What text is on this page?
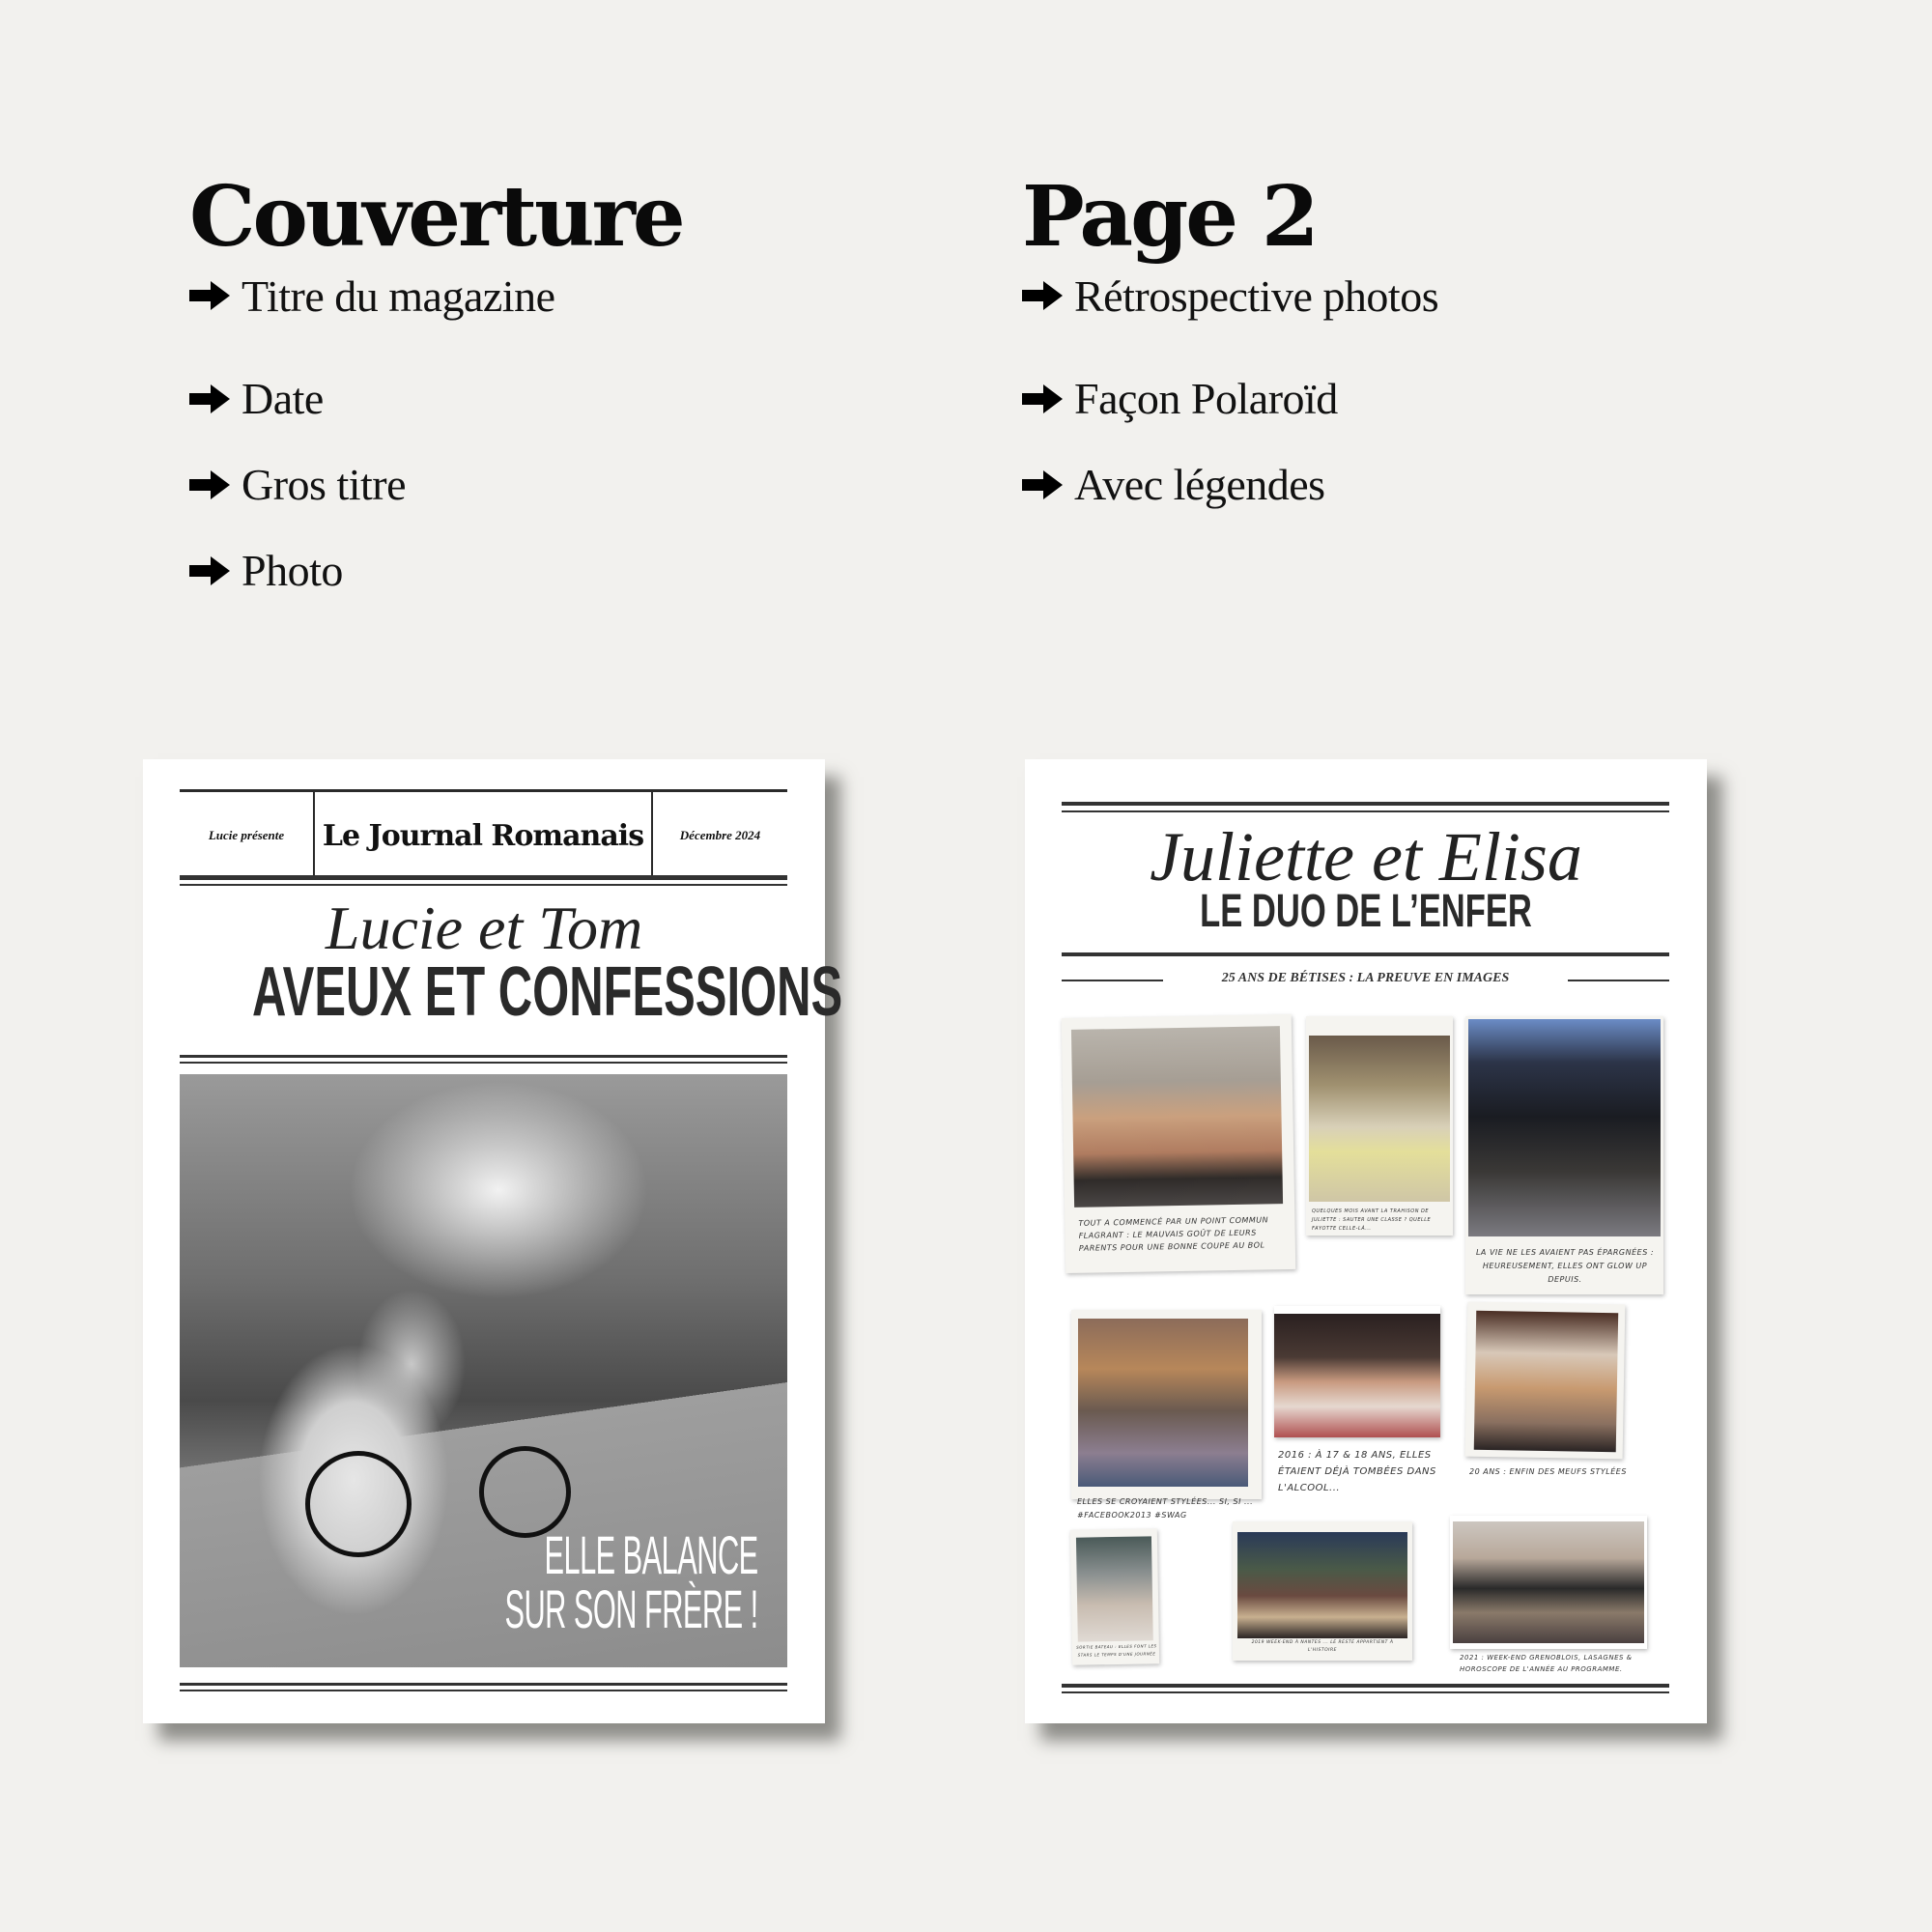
Couverture
Titre du magazine
Date
Gros titre
Photo
Page 2
Rétrospective photos
Façon Polaroïd
Avec légendes
Lucie présente	Le Journal Romanais	Décembre 2024
Lucie et Tom
AVEUX ET CONFESSIONS
ELLE BALANCE
SUR SON FRÈRE !
Juliette et Elisa
LE DUO DE L’ENFER
25 ANS DE BÉTISES : LA PREUVE EN IMAGES
TOUT A COMMENCÉ PAR UN POINT COMMUN FLAGRANT : LE MAUVAIS GOÛT DE LEURS PARENTS POUR UNE BONNE COUPE AU BOL
QUELQUES MOIS AVANT LA TRAHISON DE JULIETTE : SAUTER UNE CLASSE ? QUELLE FAYOTTE CELLE-LÀ...
LA VIE NE LES AVAIENT PAS ÉPARGNÉES : HEUREUSEMENT, ELLES ONT GLOW UP DEPUIS.
ELLES SE CROYAIENT STYLÉES... SI, SI ... #FACEBOOK2013 #SWAG
2016 : À 17 & 18 ANS, ELLES ÉTAIENT DÉJÀ TOMBÉES DANS L'ALCOOL...
20 ANS : ENFIN DES MEUFS STYLÉES
SORTIE BATEAU : ELLES FONT LES STARS LE TEMPS D'UNE JOURNÉE
2019 WEEK-END À NANTES ... LE RESTE APPARTIENT À L'HISTOIRE
2021 : WEEK-END GRENOBLOIS, LASAGNES & HOROSCOPE DE L'ANNÉE AU PROGRAMME.
